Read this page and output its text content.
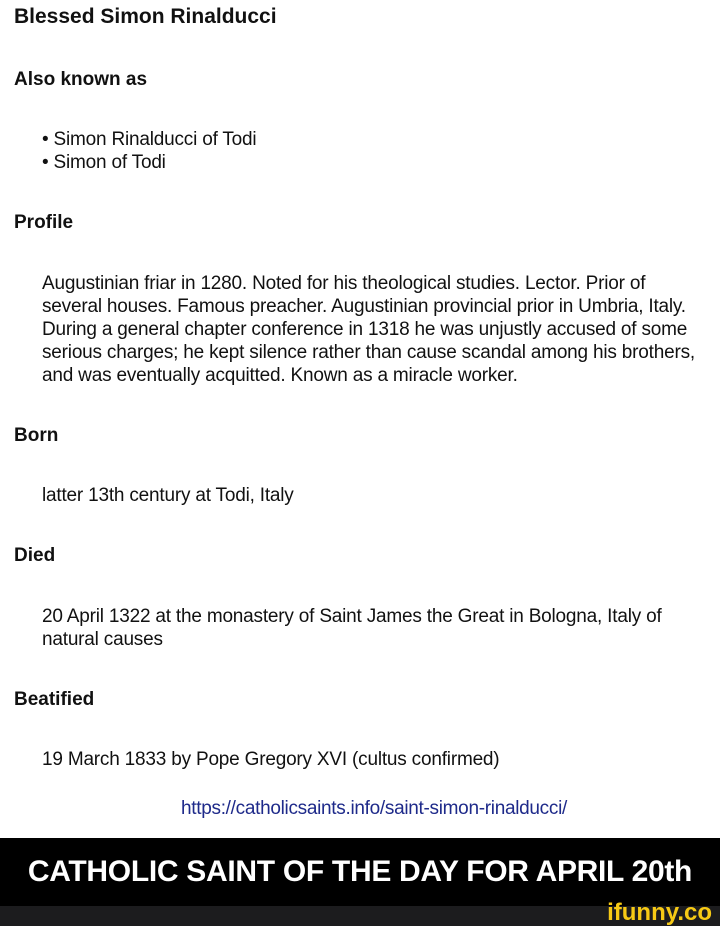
Blessed Simon Rinalducci
Also known as
• Simon Rinalducci of Todi
• Simon of Todi
Profile
Augustinian friar in 1280. Noted for his theological studies. Lector. Prior of several houses. Famous preacher. Augustinian provincial prior in Umbria, Italy. During a general chapter conference in 1318 he was unjustly accused of some serious charges; he kept silence rather than cause scandal among his brothers, and was eventually acquitted. Known as a miracle worker.
Born
latter 13th century at Todi, Italy
Died
20 April 1322 at the monastery of Saint James the Great in Bologna, Italy of natural causes
Beatified
19 March 1833 by Pope Gregory XVI (cultus confirmed)
https://catholicsaints.info/saint-simon-rinalducci/
CATHOLIC SAINT OF THE DAY FOR APRIL 20th
ifunny.co
